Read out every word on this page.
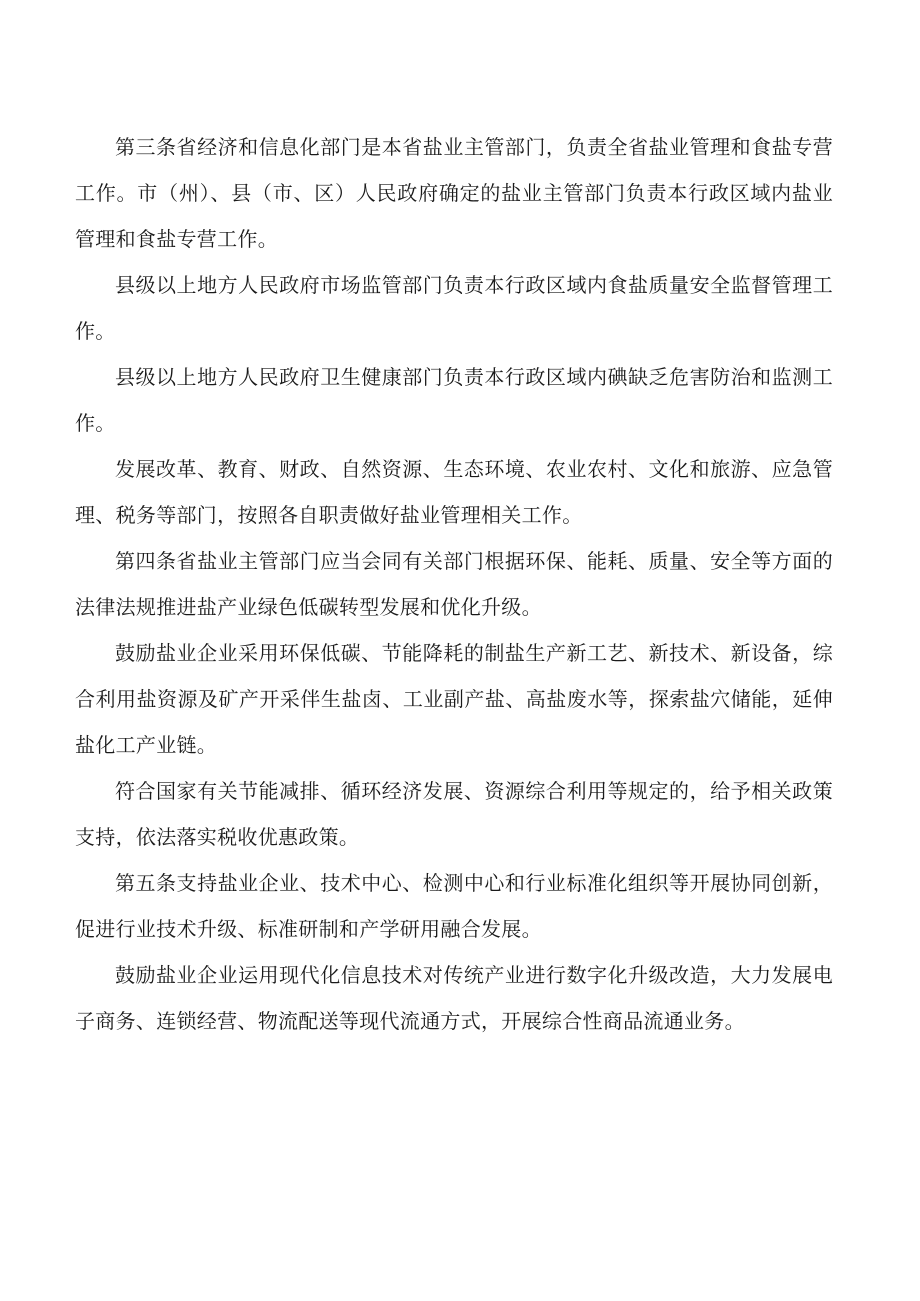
第三条省经济和信息化部门是本省盐业主管部门，负责全省盐业管理和食盐专营工作。市（州）、县（市、区）人民政府确定的盐业主管部门负责本行政区域内盐业管理和食盐专营工作。

县级以上地方人民政府市场监管部门负责本行政区域内食盐质量安全监督管理工作。

县级以上地方人民政府卫生健康部门负责本行政区域内碘缺乏危害防治和监测工作。

发展改革、教育、财政、自然资源、生态环境、农业农村、文化和旅游、应急管理、税务等部门，按照各自职责做好盐业管理相关工作。

第四条省盐业主管部门应当会同有关部门根据环保、能耗、质量、安全等方面的法律法规推进盐产业绿色低碳转型发展和优化升级。

鼓励盐业企业采用环保低碳、节能降耗的制盐生产新工艺、新技术、新设备，综合利用盐资源及矿产开采伴生盐卤、工业副产盐、高盐废水等，探索盐穴储能，延伸盐化工产业链。

符合国家有关节能减排、循环经济发展、资源综合利用等规定的，给予相关政策支持，依法落实税收优惠政策。

第五条支持盐业企业、技术中心、检测中心和行业标准化组织等开展协同创新，促进行业技术升级、标准研制和产学研用融合发展。

鼓励盐业企业运用现代化信息技术对传统产业进行数字化升级改造，大力发展电子商务、连锁经营、物流配送等现代流通方式，开展综合性商品流通业务。
